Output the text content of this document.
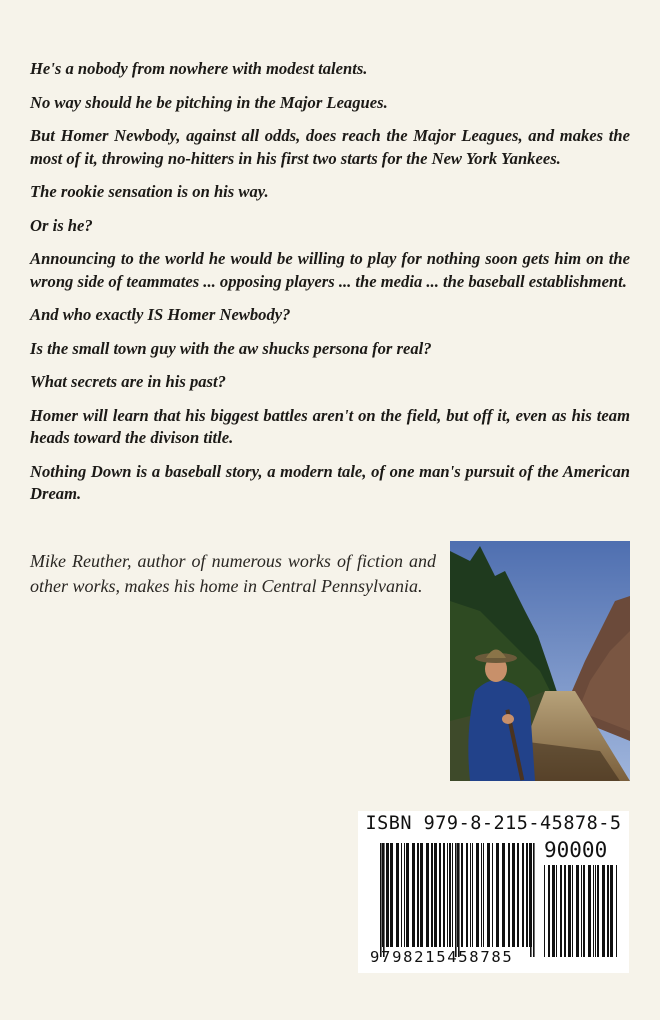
He's a nobody from nowhere with modest talents.

No way should he be pitching in the Major Leagues.

But Homer Newbody, against all odds, does reach the Major Leagues, and makes the most of it, throwing no-hitters in his first two starts for the New York Yankees.

The rookie sensation is on his way.

Or is he?

Announcing to the world he would be willing to play for nothing soon gets him on the wrong side of teammates ... opposing players ... the media ... the baseball establishment.

And who exactly IS Homer Newbody?

Is the small town guy with the aw shucks persona for real?

What secrets are in his past?

Homer will learn that his biggest battles aren't on the field, but off it, even as his team heads toward the divison title.

Nothing Down is a baseball story, a modern tale, of one man's pursuit of the American Dream.

Mike Reuther, author of numerous works of fiction and other works, makes his home in Central Pennsylvania.

ISBN 979-8-215-45878-5
90000
9798215458785
